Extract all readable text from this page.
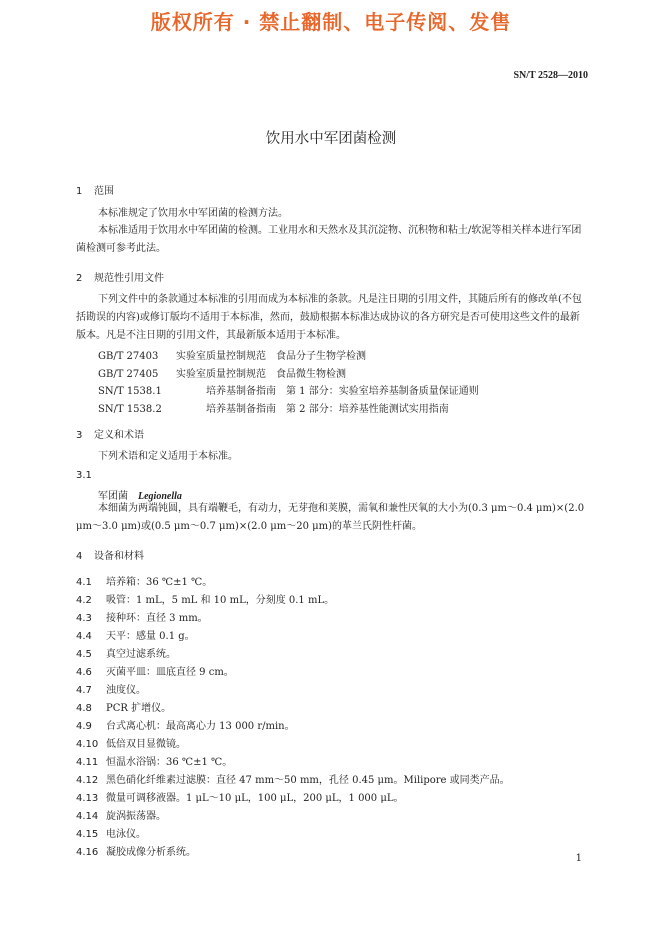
版权所有 · 禁止翻制、电子传阅、发售
SN/T 2528—2010
饮用水中军团菌检测
1 范围
本标准规定了饮用水中军团菌的检测方法。
本标准适用于饮用水中军团菌的检测。工业用水和天然水及其沉淀物、沉积物和粘土/软泥等相关样本进行军团菌检测可参考此法。
2 规范性引用文件
下列文件中的条款通过本标准的引用而成为本标准的条款。凡是注日期的引用文件，其随后所有的修改单(不包括勘误的内容)或修订版均不适用于本标准，然而，鼓励根据本标准达成协议的各方研究是否可使用这些文件的最新版本。凡是不注日期的引用文件，其最新版本适用于本标准。
GB/T 27403 实验室质量控制规范　食品分子生物学检测
GB/T 27405 实验室质量控制规范　食品微生物检测
SN/T 1538.1	培养基制备指南　第 1 部分：实验室培养基制备质量保证通则
SN/T 1538.2	培养基制备指南　第 2 部分：培养基性能测试实用指南
3 定义和术语
下列术语和定义适用于本标准。
3.1
军团菌 Legionella
本细菌为两端钝圆，具有端鞭毛，有动力，无芽孢和荚膜，需氧和兼性厌氧的大小为(0.3 μm～0.4 μm)×(2.0 μm～3.0 μm)或(0.5 μm～0.7 μm)×(2.0 μm～20 μm)的革兰氏阴性杆菌。
4 设备和材料
4.1 培养箱：36 ℃±1 ℃。
4.2 吸管：1 mL，5 mL 和 10 mL，分刻度 0.1 mL。
4.3 接种环：直径 3 mm。
4.4 天平：感量 0.1 g。
4.5 真空过滤系统。
4.6 灭菌平皿：皿底直径 9 cm。
4.7 浊度仪。
4.8 PCR 扩增仪。
4.9 台式离心机：最高离心力 13 000 r/min。
4.10 低倍双目显微镜。
4.11 恒温水浴锅：36 ℃±1 ℃。
4.12 黑色硝化纤维素过滤膜：直径 47 mm～50 mm，孔径 0.45 μm。Milipore 或同类产品。
4.13 微量可调移液器。1 μL～10 μL，100 μL，200 μL，1 000 μL。
4.14 旋涡振荡器。
4.15 电泳仪。
4.16 凝胶成像分析系统。
1
